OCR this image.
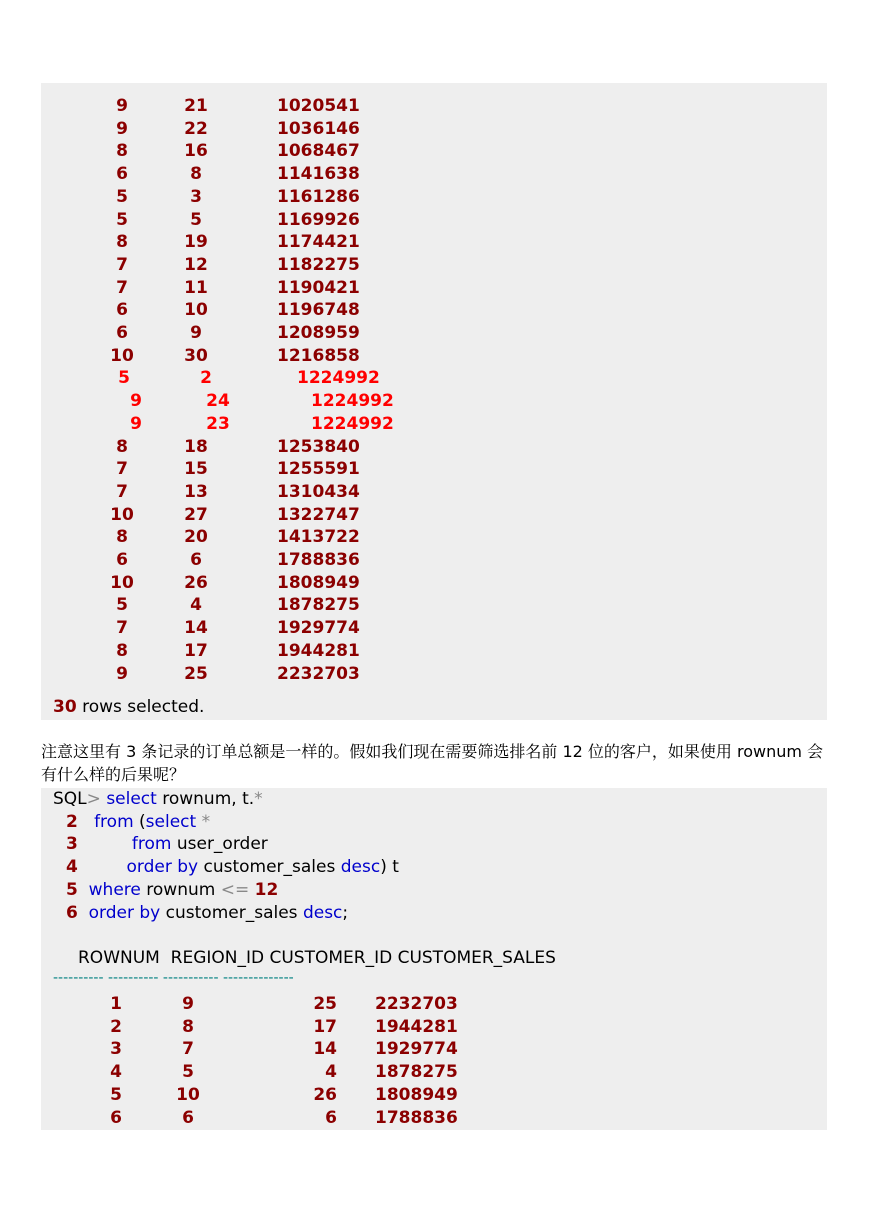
9	21	1020541
9	22	1036146
8	16	1068467
6	8	1141638
5	3	1161286
5	5	1169926
8	19	1174421
7	12	1182275
7	11	1190421
6	10	1196748
6	9	1208959
10	30	1216858
5	2	1224992
9	24	1224992
9	23	1224992
8	18	1253840
7	15	1255591
7	13	1310434
10	27	1322747
8	20	1413722
6	6	1788836
10	26	1808949
5	4	1878275
7	14	1929774
8	17	1944281
9	25	2232703
30 rows selected.
注意这里有 3 条记录的订单总额是一样的。假如我们现在需要筛选排名前 12 位的客户，如果使用 rownum 会有什么样的后果呢？
SQL> select rownum, t.*
2 from (select *
3	from user_order
4	order by customer_sales desc) t
5 where rownum <= 12
6 order by customer_sales desc;
ROWNUM  REGION_ID CUSTOMER_ID CUSTOMER_SALES
---------- ---------- ----------- --------------
1	9	25 2232703
2	8	17 1944281
3	7	14 1929774
4	5	4 1878275
5	10	26 1808949
6	6	6 1788836
